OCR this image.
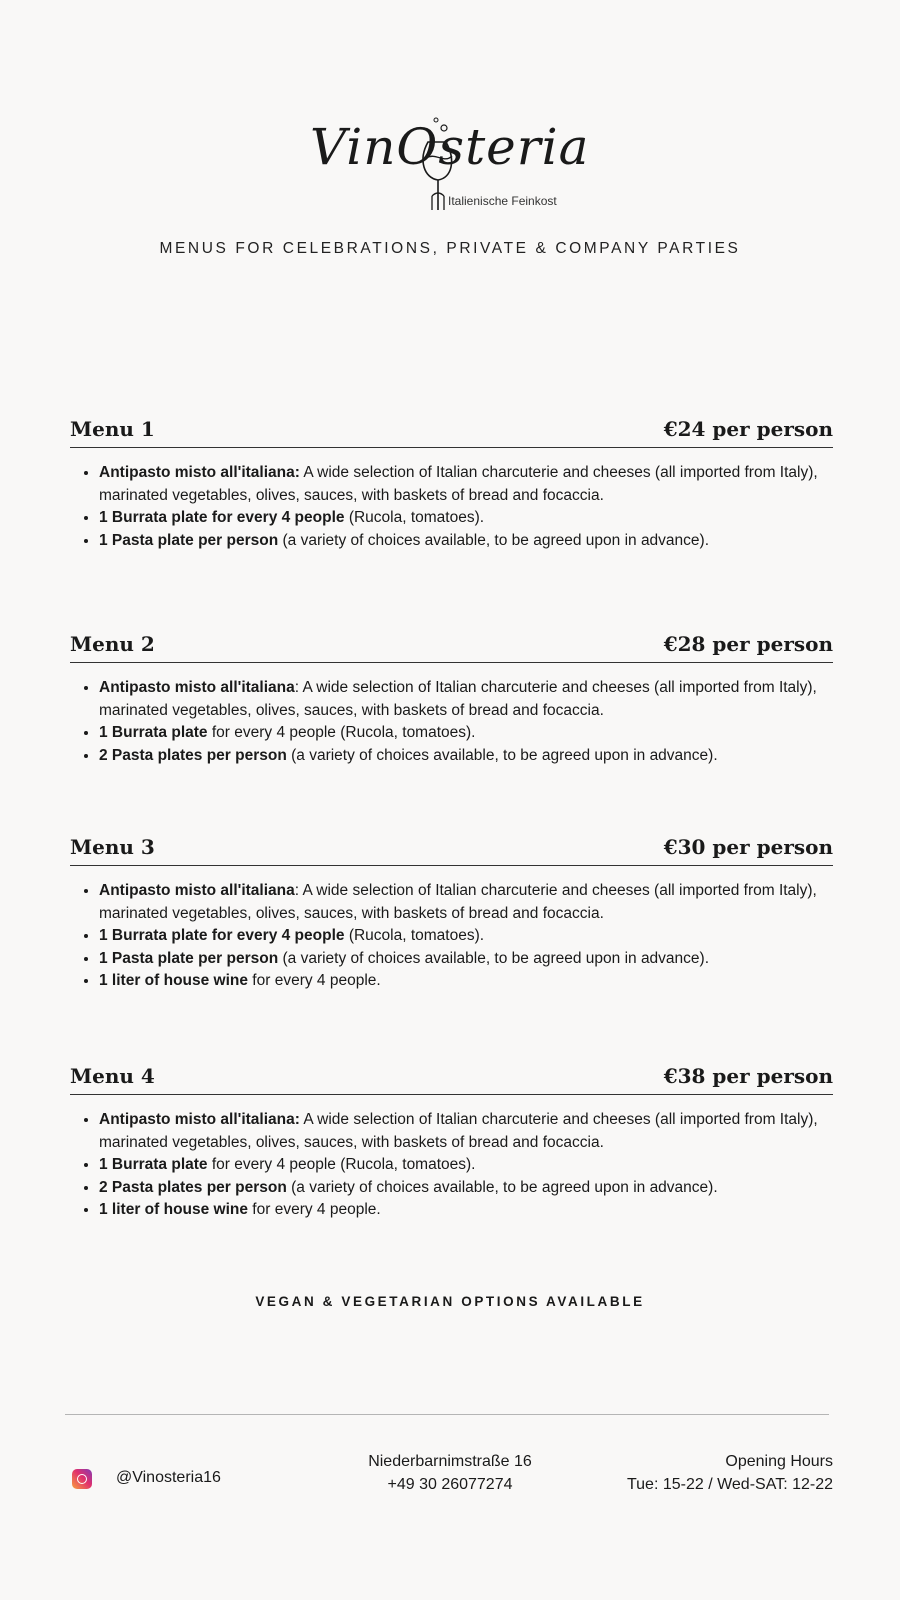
VinOsteria
Italienische Feinkost
MENUS FOR CELEBRATIONS, PRIVATE & COMPANY PARTIES
Menu 1	€24 per person
• Antipasto misto all'italiana: A wide selection of Italian charcuterie and cheeses (all imported from Italy), marinated vegetables, olives, sauces, with baskets of bread and focaccia.
• 1 Burrata plate for every 4 people (Rucola, tomatoes).
• 1 Pasta plate per person (a variety of choices available, to be agreed upon in advance).
Menu 2	€28 per person
• Antipasto misto all'italiana: A wide selection of Italian charcuterie and cheeses (all imported from Italy), marinated vegetables, olives, sauces, with baskets of bread and focaccia.
• 1 Burrata plate for every 4 people (Rucola, tomatoes).
• 2 Pasta plates per person (a variety of choices available, to be agreed upon in advance).
Menu 3	€30 per person
• Antipasto misto all'italiana: A wide selection of Italian charcuterie and cheeses (all imported from Italy), marinated vegetables, olives, sauces, with baskets of bread and focaccia.
• 1 Burrata plate for every 4 people (Rucola, tomatoes).
• 1 Pasta plate per person (a variety of choices available, to be agreed upon in advance).
• 1 liter of house wine for every 4 people.
Menu 4	€38 per person
• Antipasto misto all'italiana: A wide selection of Italian charcuterie and cheeses (all imported from Italy), marinated vegetables, olives, sauces, with baskets of bread and focaccia.
• 1 Burrata plate for every 4 people (Rucola, tomatoes).
• 2 Pasta plates per person (a variety of choices available, to be agreed upon in advance).
• 1 liter of house wine for every 4 people.
VEGAN & VEGETARIAN OPTIONS AVAILABLE
@Vinosteria16
Niederbarnimstraße 16
+49 30 26077274
Opening Hours
Tue: 15-22 / Wed-SAT: 12-22
